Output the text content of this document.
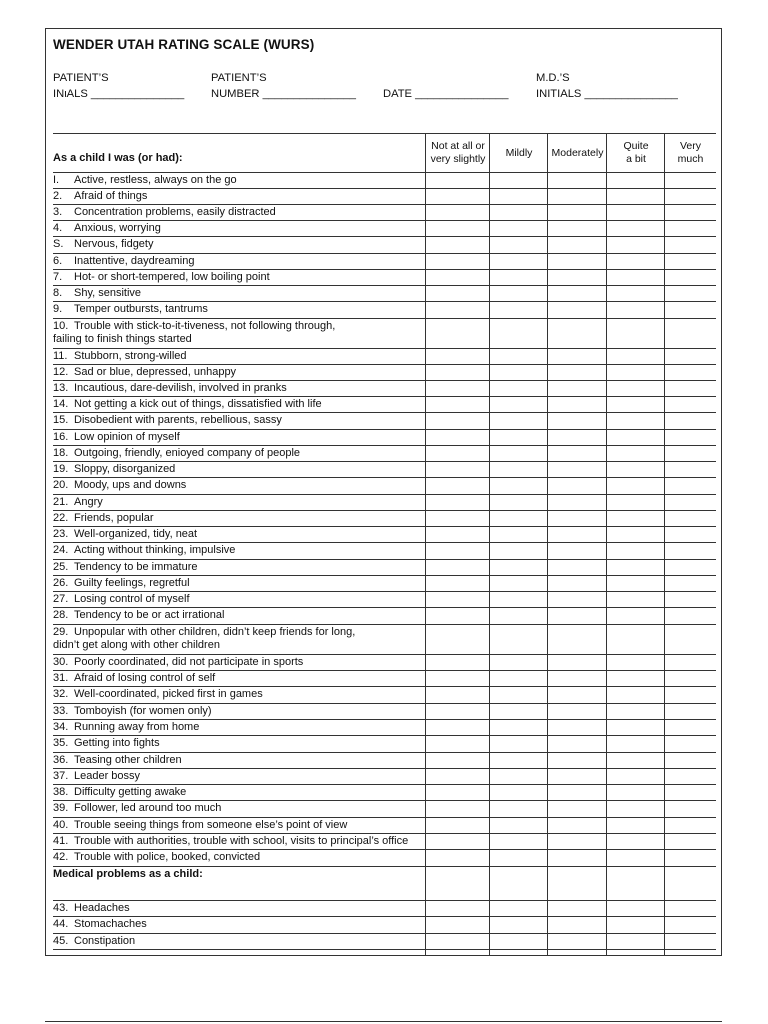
WENDER UTAH RATING SCALE (WURS)
PATIENT’S
INιALS _______________
PATIENT’S
NUMBER _______________ DATE _______________
M.D.’S
INITIALS _______________
As a child I was (or had):
Not at all or
very slightly
Mildly Moderately
Quite
a bit
Very
much
I. Active, restless, always on the go
2. Afraid of things
3. Concentration problems, easily distracted
4. Anxious, worrying
S. Nervous, fidgety
6. Inattentive, daydreaming
7. Hot- or short-tempered, low boiling point
8. Shy, sensitive
9. Temper outbursts, tantrums
10. Trouble with stick-to-it-tiveness, not following through,
failing to finish things started
11. Stubborn, strong-willed
12. Sad or blue, depressed, unhappy
13. Incautious, dare-devilish, involved in pranks
14. Not getting a kick out of things, dissatisfied with life
15. Disobedient with parents, rebellious, sassy
16. Low opinion of myself
18. Outgoing, friendly, enioyed company of people
19. Sloppy, disorganized
20. Moody, ups and downs
21. Angry
22. Friends, popular
23. Well-organized, tidy, neat
24. Acting without thinking, impulsive
25. Tendency to be immature
26. Guilty feelings, regretful
27. Losing control of myself
28. Tendency to be or act irrational
29. Unpopular with other children, didn’t keep friends for long,
didn’t get along with other children
30. Poorly coordinated, did not participate in sports
31. Afraid of losing control of self
32. Well-coordinated, picked first in games
33. Tomboyish (for women only)
34. Running away from home
35. Getting into fights
36. Teasing other children
37. Leader bossy
38. Difficulty getting awake
39. Follower, led around too much
40. Trouble seeing things from someone else’s point of view
41. Trouble with authorities, trouble with school, visits to principal’s office
42. Trouble with police, booked, convicted
Medical problems as a child:
43. Headaches
44. Stomachaches
45. Constipation
